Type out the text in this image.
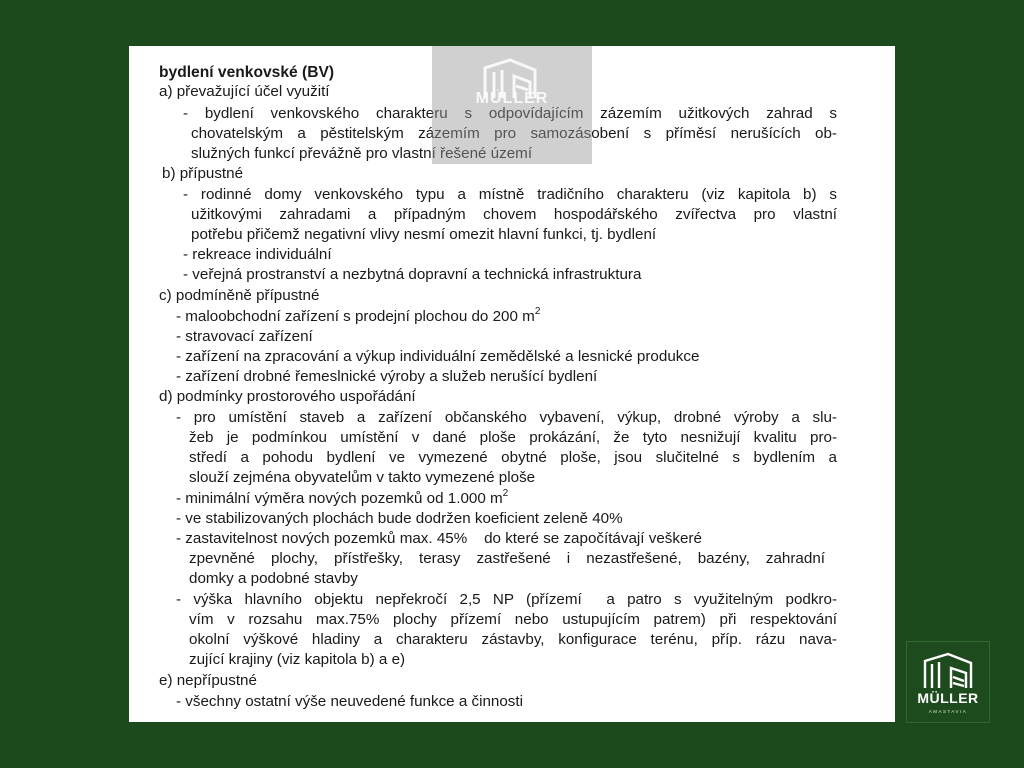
bydlení venkovské (BV)
a) převažující účel využití
- bydlení venkovského charakteru s odpovídajícím zázemím užitkových zahrad s
chovatelským a pěstitelským zázemím pro samozásobení s příměsí nerušících ob-
služných funkcí převážně pro vlastní řešené území
b) přípustné
- rodinné domy venkovského typu a místně tradičního charakteru (viz kapitola b) s
užitkovými zahradami a případným chovem hospodářského zvířectva pro vlastní
potřebu přičemž negativní vlivy nesmí omezit hlavní funkci, tj. bydlení
- rekreace individuální
- veřejná prostranství a nezbytná dopravní a technická infrastruktura
c) podmíněně přípustné
- maloobchodní zařízení s prodejní plochou do 200 $m^2$
- stravovací zařízení
- zařízení na zpracování a výkup individuální zemědělské a lesnické produkce
- zařízení drobné řemeslnické výroby a služeb nerušící bydlení
d) podmínky prostorového uspořádání
- pro umístění staveb a zařízení občanského vybavení, výkup, drobné výroby a slu-
žeb je podmínkou umístění v dané ploše prokázání, že tyto nesnižují kvalitu pro-
středí a pohodu bydlení ve vymezené obytné ploše, jsou slučitelné s bydlením a
slouží zejména obyvatelům v takto vymezené ploše
- minimální výměra nových pozemků od 1.000 $m^2$
- ve stabilizovaných plochách bude dodržen koeficient zeleně 40%
- zastavitelnost nových pozemků max. 45%    do které se započítávají veškeré
zpevněné plochy, přístřešky, terasy zastřešené i nezastřešené, bazény, zahradní
domky a podobné stavby
- výška hlavního objektu nepřekročí 2,5 NP (přízemí  a patro s využitelným podkro-
vím v rozsahu max.75% plochy přízemí nebo ustupujícím patrem) při respektování
okolní výškové hladiny a charakteru zástavby, konfigurace terénu, příp. rázu nava-
zující krajiny (viz kapitola b) a e)
e) nepřípustné
- všechny ostatní výše neuvedené funkce a činnosti
MÜLLER
MÜLLER
AMASTAVIA
